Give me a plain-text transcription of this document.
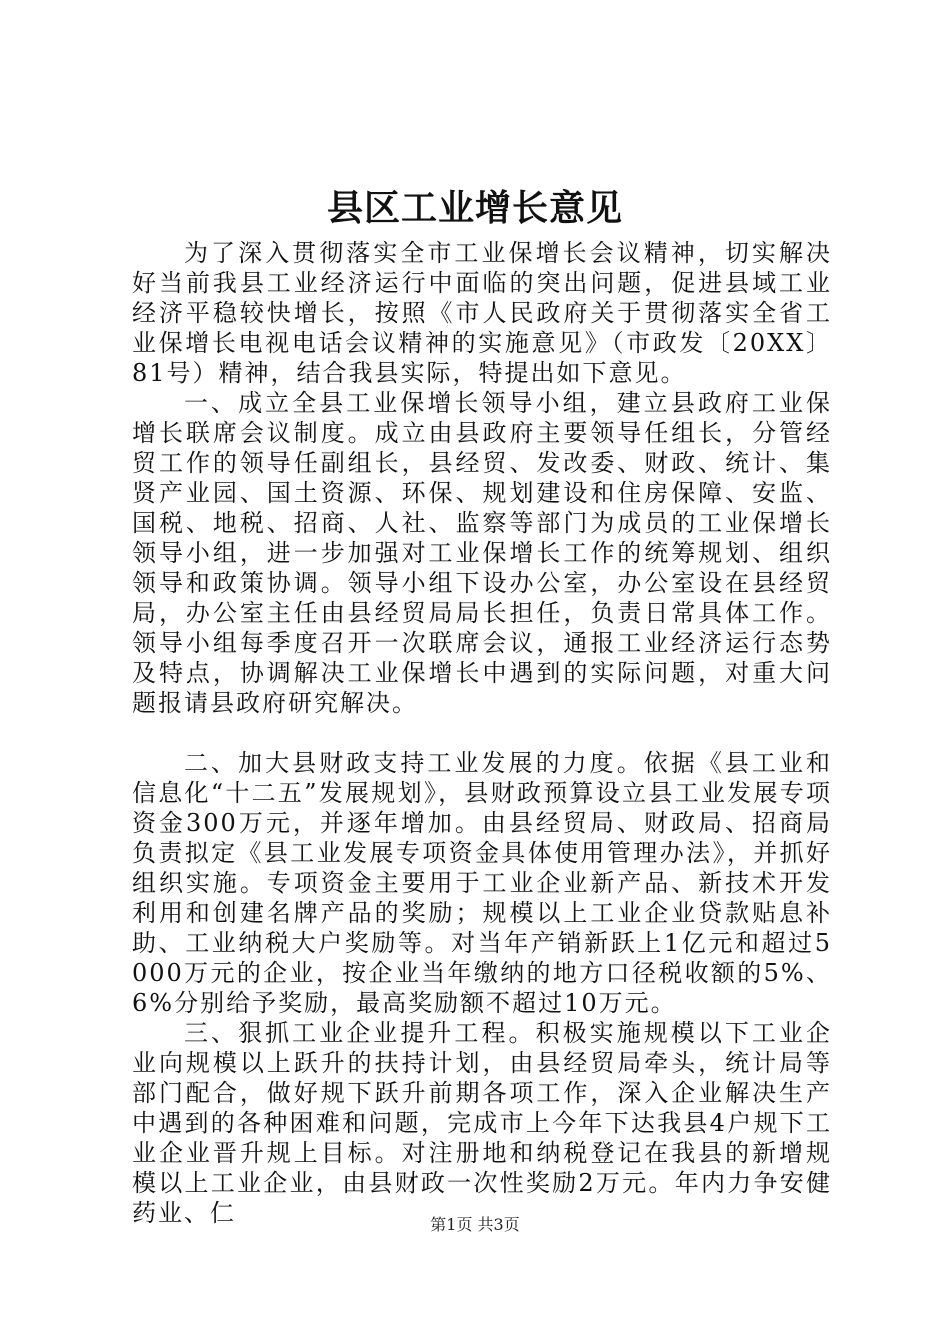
县区工业增长意见

为了深入贯彻落实全市工业保增长会议精神，切实解决好当前我县工业经济运行中面临的突出问题，促进县域工业经济平稳较快增长，按照《市人民政府关于贯彻落实全省工业保增长电视电话会议精神的实施意见》（市政发〔20XX〕81号）精神，结合我县实际，特提出如下意见。

一、成立全县工业保增长领导小组，建立县政府工业保增长联席会议制度。成立由县政府主要领导任组长，分管经贸工作的领导任副组长，县经贸、发改委、财政、统计、集贤产业园、国土资源、环保、规划建设和住房保障、安监、国税、地税、招商、人社、监察等部门为成员的工业保增长领导小组，进一步加强对工业保增长工作的统筹规划、组织领导和政策协调。领导小组下设办公室，办公室设在县经贸局，办公室主任由县经贸局局长担任，负责日常具体工作。领导小组每季度召开一次联席会议，通报工业经济运行态势及特点，协调解决工业保增长中遇到的实际问题，对重大问题报请县政府研究解决。

二、加大县财政支持工业发展的力度。依据《县工业和信息化“十二五”发展规划》，县财政预算设立县工业发展专项资金300万元，并逐年增加。由县经贸局、财政局、招商局负责拟定《县工业发展专项资金具体使用管理办法》，并抓好组织实施。专项资金主要用于工业企业新产品、新技术开发利用和创建名牌产品的奖励；规模以上工业企业贷款贴息补助、工业纳税大户奖励等。对当年产销新跃上1亿元和超过5000万元的企业，按企业当年缴纳的地方口径税收额的5%、6%分别给予奖励，最高奖励额不超过10万元。

三、狠抓工业企业提升工程。积极实施规模以下工业企业向规模以上跃升的扶持计划，由县经贸局牵头，统计局等部门配合，做好规下跃升前期各项工作，深入企业解决生产中遇到的各种困难和问题，完成市上今年下达我县4户规下工业企业晋升规上目标。对注册地和纳税登记在我县的新增规模以上工业企业，由县财政一次性奖励2万元。年内力争安健药业、仁	第1页 共3页
